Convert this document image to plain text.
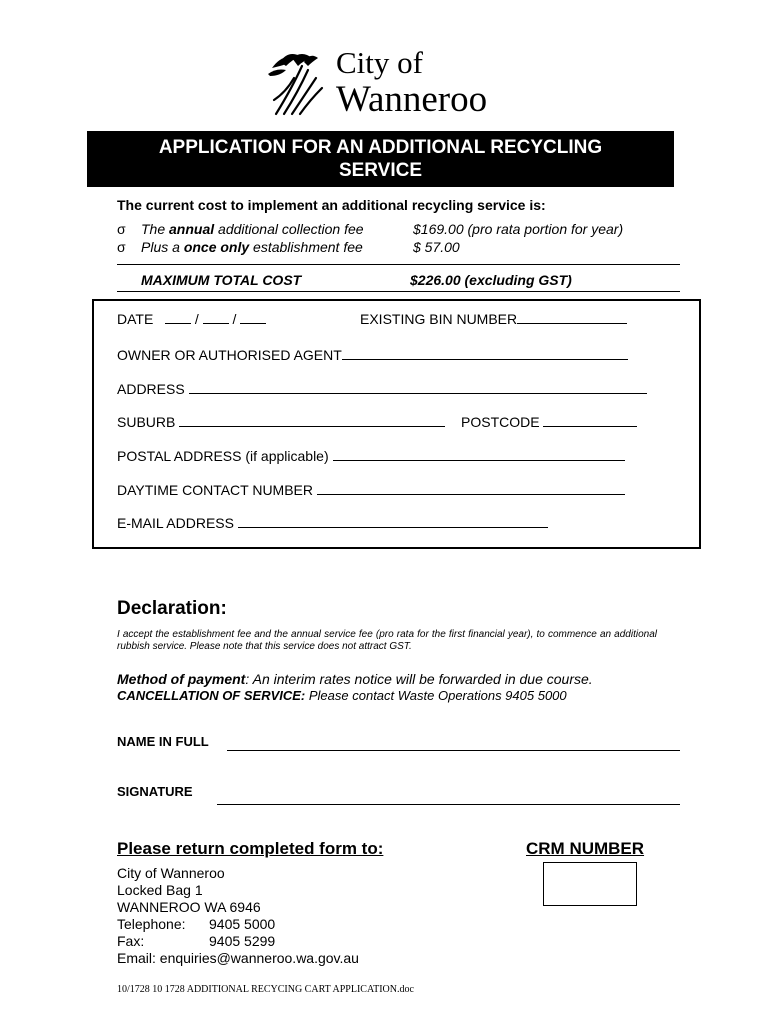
City of
Wanneroo
APPLICATION FOR AN ADDITIONAL RECYCLING
SERVICE
The current cost to implement an additional recycling service is:
σ The annual additional collection fee	$169.00 (pro rata portion for year)
σ Plus a once only establishment fee	$ 57.00
MAXIMUM TOTAL COST	$226.00 (excluding GST)
DATE	/ /	EXISTING BIN NUMBER
OWNER OR AUTHORISED AGENT
ADDRESS
SUBURB	POSTCODE
POSTAL ADDRESS (if applicable)
DAYTIME CONTACT NUMBER
E-MAIL ADDRESS
Declaration:
I accept the establishment fee and the annual service fee (pro rata for the first financial year), to commence an additional rubbish service. Please note that this service does not attract GST.
Method of payment: An interim rates notice will be forwarded in due course.
CANCELLATION OF SERVICE: Please contact Waste Operations 9405 5000
NAME IN FULL
SIGNATURE
Please return completed form to:	CRM NUMBER
City of Wanneroo
Locked Bag 1
WANNEROO WA 6946
Telephone: 9405 5000
Fax:	9405 5299
Email: enquiries@wanneroo.wa.gov.au
10/1728 10 1728 ADDITIONAL RECYCING CART APPLICATION.doc
